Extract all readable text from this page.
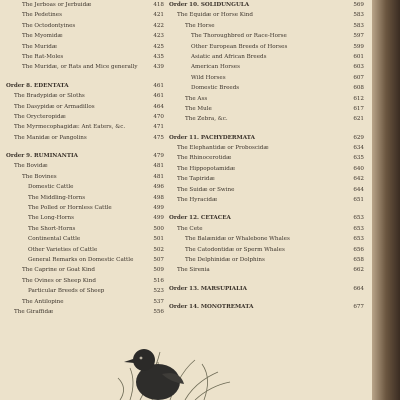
The Jerboas or Jerbuidæ	418
The Pedetines	421
The Octodontyines	422
The Myomidæ	423
The Muridæ	425
The Rat-Moles	435
The Muridæ, or Rats and Mice generally	439
Order 8. EDENTATA	461
The Bradypidæ or Sloths	461
The Dasypidæ or Armadillos	464
The Orycteropidæ	470
The Myrmecophagidæ: Ant Eaters, &c.	471
The Manidæ or Pangolins	475
Order 9. RUMINANTIA	479
The Bovidæ	481
The Bovines	481
Domestic Cattle	496
The Middling-Horns	498
The Polled or Hornless Cattle	499
The Long-Horns	499
The Short-Horns	500
Continental Cattle	501
Other Varieties of Cattle	502
General Remarks on Domestic Cattle	507
The Caprine or Goat Kind	509
The Ovines or Sheep Kind	516
Particular Breeds of Sheep	523
The Antilopine	537
The Giraffidæ	556
Order 10. SOLIDUNGULA	569
The Equidæ or Horse Kind	583
The Horse	583
The Thoroughbred or Race-Horse	597
Other European Breeds of Horses	599
Asiatic and African Breeds	601
American Horses	603
Wild Horses	607
Domestic Breeds	608
The Ass	612
The Mule	617
The Zebra, &c.	621
Order 11. PACHYDERMATA	629
The Elephantidæ or Proboscidæ	634
The Rhinocerotidæ	635
The Hippopotamidæ	640
The Tapiridæ	642
The Suidæ or Swine	644
The Hyracidæ	651
Order 12. CETACEA	653
The Cete	653
The Balænidæ or Whalebone Whales	653
The Catodontidæ or Sperm Whales	656
The Delphinidæ or Dolphins	658
The Sirenia	662
Order 13. MARSUPIALIA	664
Order 14. MONOTREMATA	677
